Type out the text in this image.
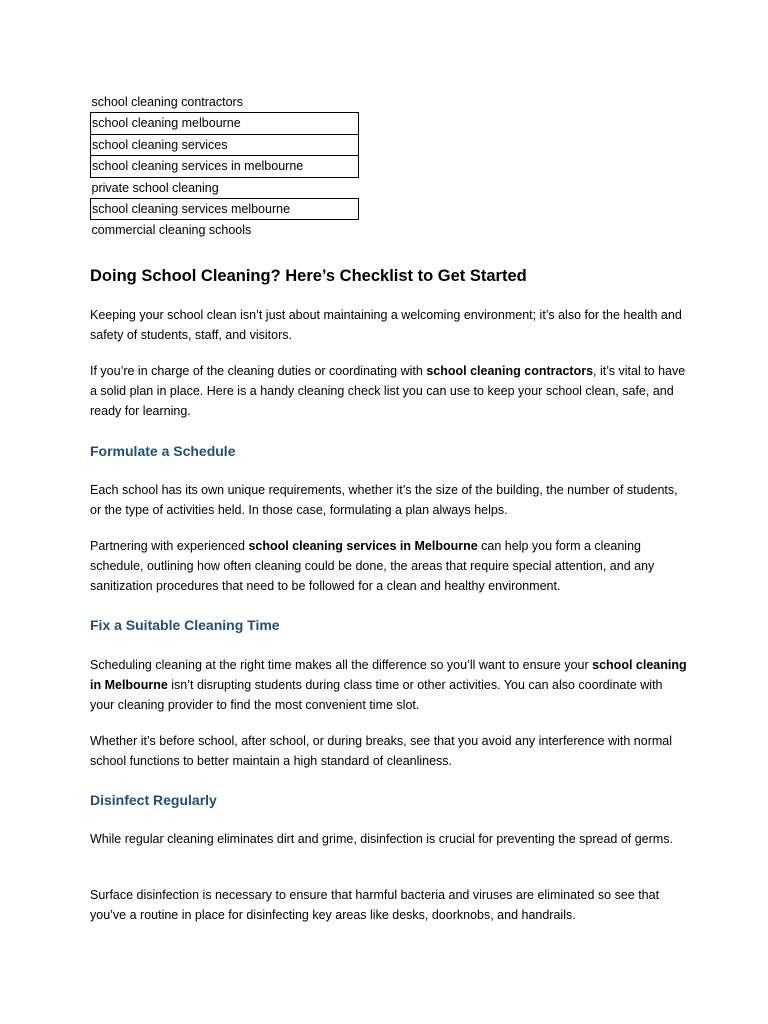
school cleaning contractors
school cleaning melbourne
school cleaning services
school cleaning services in melbourne
private school cleaning
school cleaning services melbourne
commercial cleaning schools
Doing School Cleaning? Here’s Checklist to Get Started

Keeping your school clean isn’t just about maintaining a welcoming environment; it’s also for the health and safety of students, staff, and visitors.

If you’re in charge of the cleaning duties or coordinating with school cleaning contractors, it’s vital to have a solid plan in place. Here is a handy cleaning check list you can use to keep your school clean, safe, and ready for learning.

Formulate a Schedule

Each school has its own unique requirements, whether it’s the size of the building, the number of students, or the type of activities held. In those case, formulating a plan always helps.

Partnering with experienced school cleaning services in Melbourne can help you form a cleaning schedule, outlining how often cleaning could be done, the areas that require special attention, and any sanitization procedures that need to be followed for a clean and healthy environment.

Fix a Suitable Cleaning Time

Scheduling cleaning at the right time makes all the difference so you’ll want to ensure your school cleaning in Melbourne isn’t disrupting students during class time or other activities. You can also coordinate with your cleaning provider to find the most convenient time slot.

Whether it’s before school, after school, or during breaks, see that you avoid any interference with normal school functions to better maintain a high standard of cleanliness.

Disinfect Regularly

While regular cleaning eliminates dirt and grime, disinfection is crucial for preventing the spread of germs.

Surface disinfection is necessary to ensure that harmful bacteria and viruses are eliminated so see that you’ve a routine in place for disinfecting key areas like desks, doorknobs, and handrails.
